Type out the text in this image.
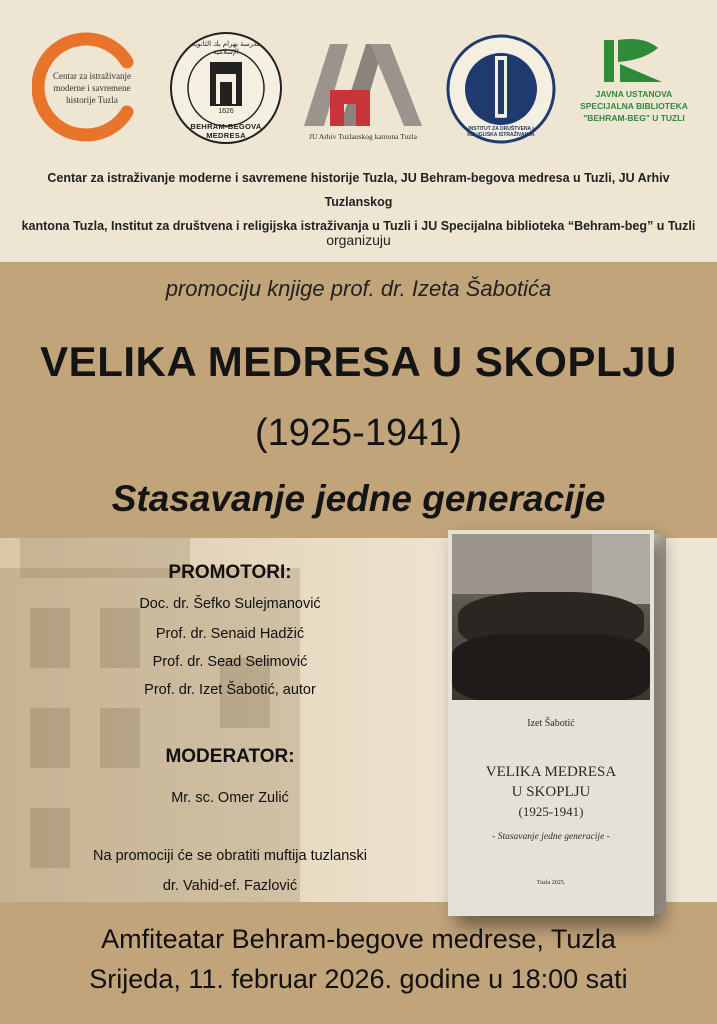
Centar za istraživanje
moderne i savremene
historije Tuzla
1626
BEHRAM-BEGOVA MEDRESA
مدرسة بهرام بك الثانوية الإسلامية
JU Arhiv Tuzlanskog kantona Tuzla
INSTITUT ZA DRUŠTVENA I RELIGIJSKA ISTRAŽIVANJA
2017
JAVNA USTANOVA
SPECIJALNA BIBLIOTEKA
"BEHRAM-BEG" U TUZLI
Centar za istraživanje moderne i savremene historije Tuzla, JU Behram-begova medresa u Tuzli, JU Arhiv Tuzlanskog
kantona Tuzla, Institut za društvena i religijska istraživanja u Tuzli i JU Specijalna biblioteka “Behram-beg” u Tuzli
organizuju
promociju knjige prof. dr. Izeta Šabotića
VELIKA MEDRESA U SKOPLJU
(1925-1941)
Stasavanje jedne generacije
PROMOTORI:
Doc. dr. Šefko Sulejmanović
Prof. dr. Senaid Hadžić
Prof. dr. Sead Selimović
Prof. dr. Izet Šabotić, autor
MODERATOR:
Mr. sc. Omer Zulić
Na promociji će se obratiti muftija tuzlanski
dr. Vahid-ef. Fazlović
Izet Šabotić
VELIKA MEDRESA
U SKOPLJU
(1925-1941)
- Stasavanje jedne generacije -
Tuzla 2025.
Amfiteatar Behram-begove medrese, Tuzla
Srijeda, 11. februar 2026. godine u 18:00 sati
